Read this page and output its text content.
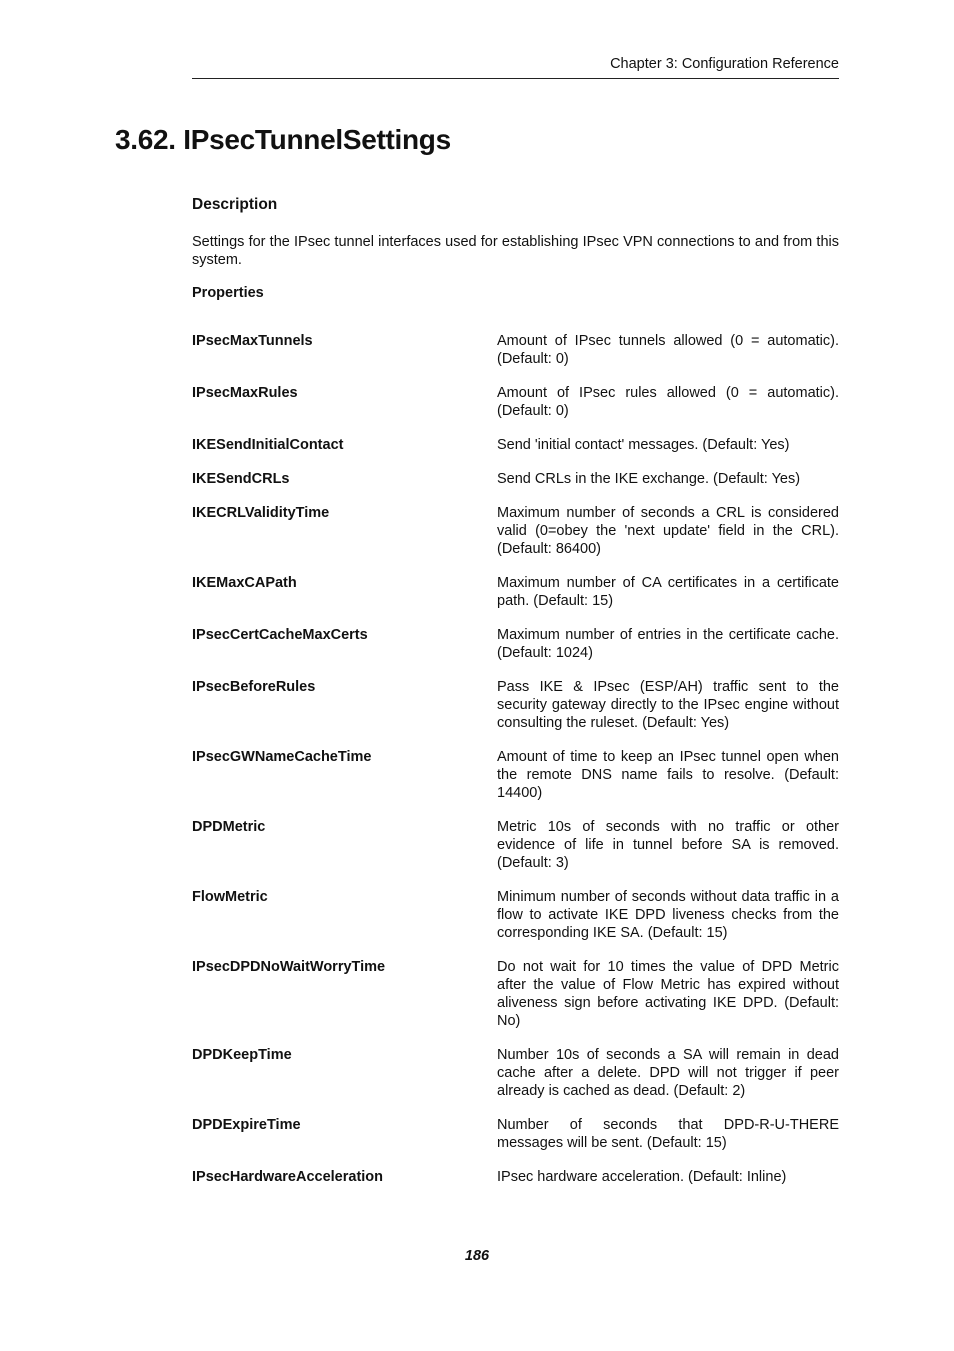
Chapter 3: Configuration Reference
3.62. IPsecTunnelSettings
Description

Settings for the IPsec tunnel interfaces used for establishing IPsec VPN connections to and from this system.

Properties
IPsecMaxTunnels	Amount of IPsec tunnels allowed (0 = automatic). (Default: 0)
IPsecMaxRules	Amount of IPsec rules allowed (0 = automatic). (Default: 0)
IKESendInitialContact	Send 'initial contact' messages. (Default: Yes)
IKESendCRLs	Send CRLs in the IKE exchange. (Default: Yes)
IKECRLValidityTime	Maximum number of seconds a CRL is considered valid (0=obey the 'next update' field in the CRL). (Default: 86400)
IKEMaxCAPath	Maximum number of CA certificates in a certificate path. (Default: 15)
IPsecCertCacheMaxCerts	Maximum number of entries in the certificate cache. (Default: 1024)
IPsecBeforeRules	Pass IKE & IPsec (ESP/AH) traffic sent to the security gateway directly to the IPsec engine without consulting the ruleset. (Default: Yes)
IPsecGWNameCacheTime	Amount of time to keep an IPsec tunnel open when the remote DNS name fails to resolve. (Default: 14400)
DPDMetric	Metric 10s of seconds with no traffic or other evidence of life in tunnel before SA is removed. (Default: 3)
FlowMetric	Minimum number of seconds without data traffic in a flow to activate IKE DPD liveness checks from the corresponding IKE SA. (Default: 15)
IPsecDPDNoWaitWorryTime	Do not wait for 10 times the value of DPD Metric after the value of Flow Metric has expired without aliveness sign before activating IKE DPD. (Default: No)
DPDKeepTime	Number 10s of seconds a SA will remain in dead cache after a delete. DPD will not trigger if peer already is cached as dead. (Default: 2)
DPDExpireTime	Number of seconds that DPD-R-U-THERE messages will be sent. (Default: 15)
IPsecHardwareAcceleration	IPsec hardware acceleration. (Default: Inline)
186
